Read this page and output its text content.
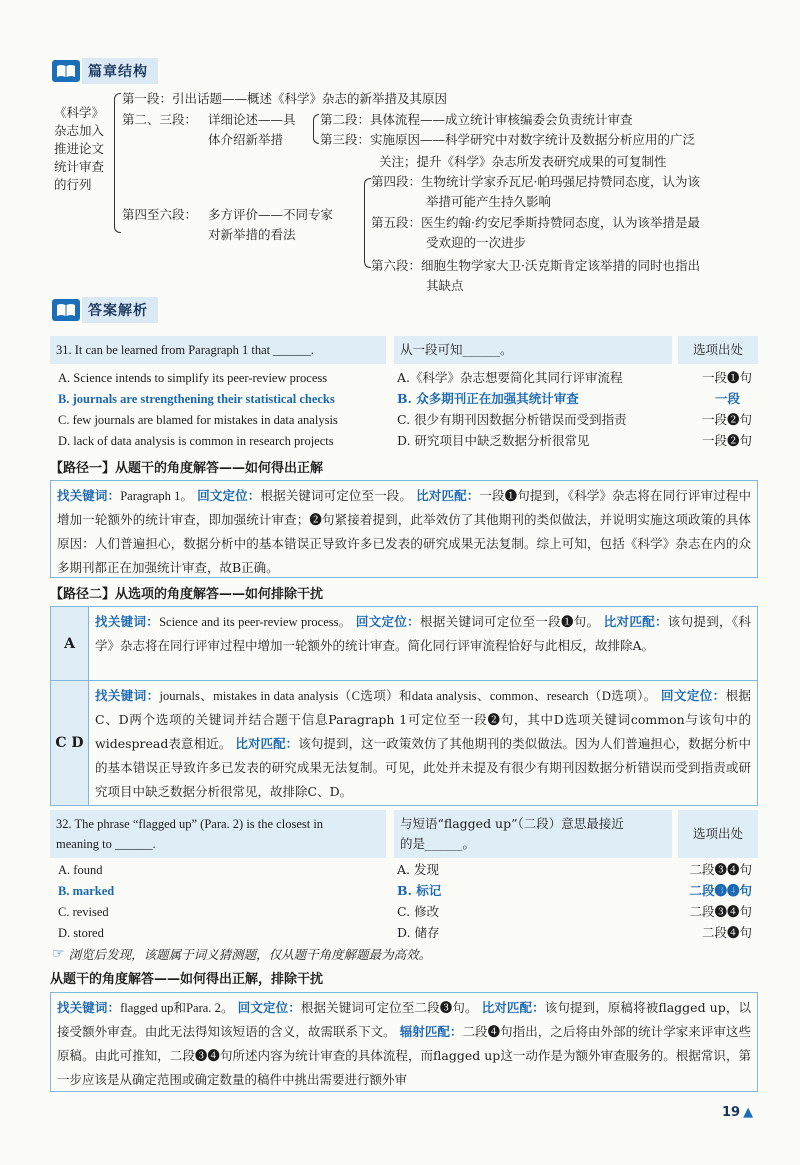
篇章结构
《科学》
杂志加入
推进论文
统计审查
的行列
第一段：引出话题——概述《科学》杂志的新举措及其原因
第二、三段： 详细论述——具
体介绍新举措
第二段：具体流程——成立统计审核编委会负责统计审查
第三段：实施原因——科学研究中对数字统计及数据分析应用的广泛
关注；提升《科学》杂志所发表研究成果的可复制性
第四至六段： 多方评价——不同专家
对新举措的看法
第四段：生物统计学家乔瓦尼·帕玛强尼持赞同态度，认为该
举措可能产生持久影响
第五段：医生约翰·约安尼季斯持赞同态度，认为该举措是最
受欢迎的一次进步
第六段：细胞生物学家大卫·沃克斯肯定该举措的同时也指出
其缺点
答案解析
31. It can be learned from Paragraph 1 that ______.	从一段可知______。	选项出处
A. Science intends to simplify its peer-review process
B. journals are strengthening their statistical checks
C. few journals are blamed for mistakes in data analysis
D. lack of data analysis is common in research projects
A.《科学》杂志想要简化其同行评审流程
B. 众多期刊正在加强其统计审查
C. 很少有期刊因数据分析错误而受到指责
D. 研究项目中缺乏数据分析很常见
一段❶句
一段
一段❷句
一段❷句
【路径一】从题干的角度解答——如何得出正解
找关键词：Paragraph 1。 回文定位：根据关键词可定位至一段。 比对匹配：一段❶句提到，《科学》杂志将在同行评审过程中增加一轮额外的统计审查，即加强统计审查；❷句紧接着提到，此举效仿了其他期刊的类似做法，并说明实施这项政策的具体原因：人们普遍担心，数据分析中的基本错误正导致许多已发表的研究成果无法复制。综上可知，包括《科学》杂志在内的众多期刊都正在加强统计审查，故B正确。
【路径二】从选项的角度解答——如何排除干扰
A
找关键词：Science and its peer-review process。 回文定位：根据关键词可定位至一段❶句。 比对匹配：该句提到，《科学》杂志将在同行评审过程中增加一轮额外的统计审查。简化同行评审流程恰好与此相反，故排除A。
C D
找关键词：journals、mistakes in data analysis（C选项）和data analysis、common、research（D选项）。 回文定位：根据C、D两个选项的关键词并结合题干信息Paragraph 1可定位至一段❷句，其中D选项关键词common与该句中的widespread表意相近。 比对匹配：该句提到，这一政策效仿了其他期刊的类似做法。因为人们普遍担心，数据分析中的基本错误正导致许多已发表的研究成果无法复制。可见，此处并未提及有很少有期刊因数据分析错误而受到指责或研究项目中缺乏数据分析很常见，故排除C、D。
32. The phrase “flagged up” (Para. 2) is the closest in
meaning to ______.
与短语“flagged up”（二段）意思最接近
的是______。
选项出处
A. found
B. marked
C. revised
D. stored
A. 发现
B. 标记
C. 修改
D. 储存
二段❸❹句
二段❸❹句
二段❸❹句
二段❹句
☞ 浏览后发现，该题属于词义猜测题，仅从题干角度解题最为高效。
从题干的角度解答——如何得出正解，排除干扰
找关键词：flagged up和Para. 2。 回文定位：根据关键词可定位至二段❸句。 比对匹配：该句提到，原稿将被flagged up，以接受额外审查。由此无法得知该短语的含义，故需联系下文。 辐射匹配：二段❹句指出，之后将由外部的统计学家来评审这些原稿。由此可推知，二段❸❹句所述内容为统计审查的具体流程，而flagged up这一动作是为额外审查服务的。根据常识，第一步应该是从确定范围或确定数量的稿件中挑出需要进行额外审
19 ▲
